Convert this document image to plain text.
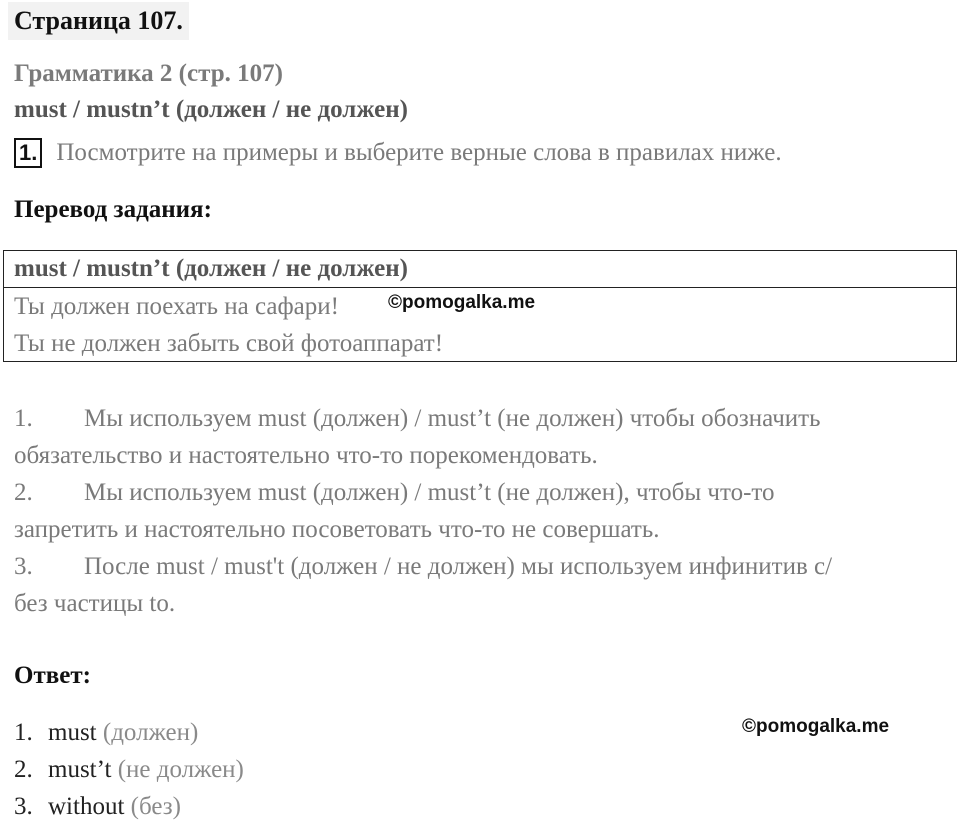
Страница 107.
Грамматика 2 (стр. 107)
must / mustn’t (должен / не должен)
1. Посмотрите на примеры и выберите верные слова в правилах ниже.
Перевод задания:
must / mustn’t (должен / не должен)
Ты должен поехать на сафари!	©pomogalka.me
Ты не должен забыть свой фотоаппарат!
1. Мы используем must (должен) / must’t (не должен) чтобы обозначить
обязательство и настоятельно что-то порекомендовать.
2. Мы используем must (должен) / must’t (не должен), чтобы что-то
запретить и настоятельно посоветовать что-то не совершать.
3. После must / must't (должен / не должен) мы используем инфинитив с/
без частицы to.
Ответ:
1. must (должен)
2. must’t (не должен)
3. without (без)
©pomogalka.me
